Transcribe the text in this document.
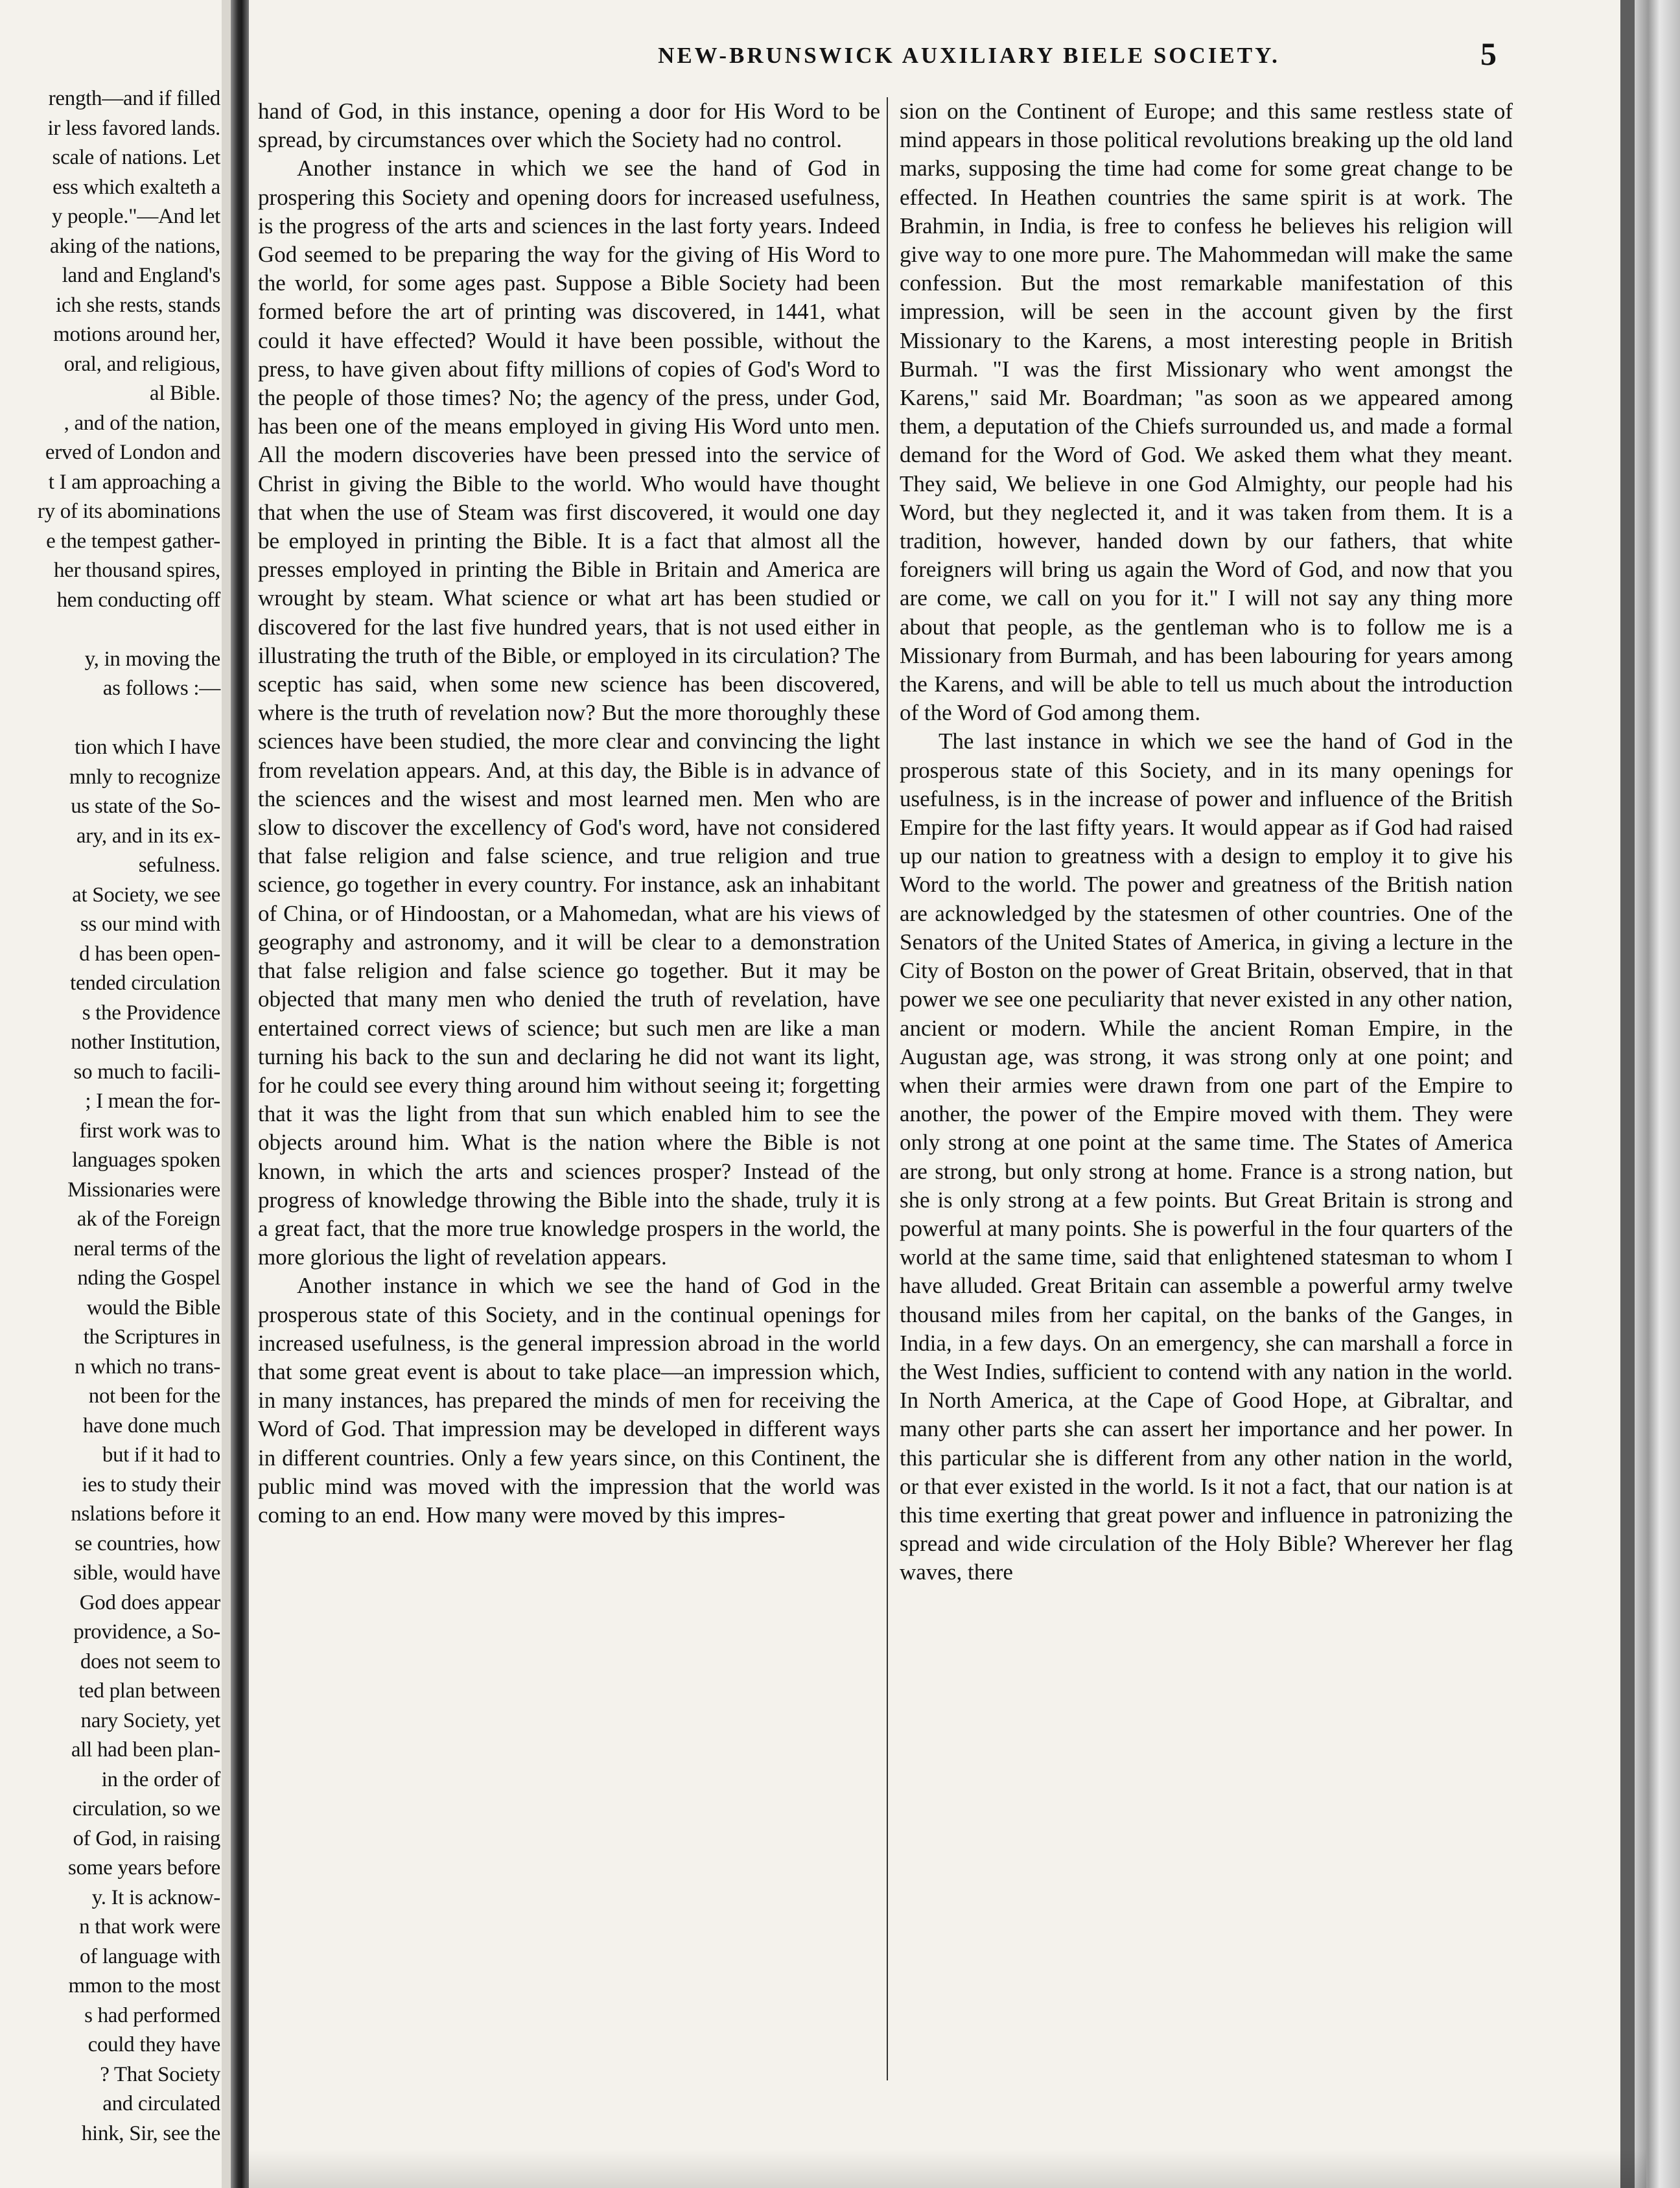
rength—and if filled
ir less favored lands.
scale of nations. Let
ess which exalteth a
y people."—And let
aking of the nations,
land and England's
ich she rests, stands
motions around her,
oral, and religious,
al Bible.
, and of the nation,
erved of London and
t I am approaching a
ry of its abominations
e the tempest gather-
her thousand spires,
hem conducting off

y, in moving the
as follows :—

tion which I have
mnly to recognize
us state of the So-
ary, and in its ex-
sefulness.
at Society, we see
ss our mind with
d has been open-
tended circulation
s the Providence
nother Institution,
so much to facili-
; I mean the for-
first work was to
languages spoken
Missionaries were
ak of the Foreign
neral terms of the
nding the Gospel
would the Bible
the Scriptures in
n which no trans-
not been for the
have done much
but if it had to
ies to study their
nslations before it
se countries, how
sible, would have
God does appear
providence, a So-
does not seem to
ted plan between
nary Society, yet
all had been plan-
in the order of
circulation, so we
of God, in raising
some years before
y. It is acknow-
n that work were
of language with
mmon to the most
s had performed
could they have
? That Society
and circulated
hink, Sir, see the
NEW-BRUNSWICK AUXILIARY BIELE SOCIETY.	5

hand of God, in this instance, opening a door for His Word to be spread, by circumstances over which the Society had no control.

Another instance in which we see the hand of God in prospering this Society and opening doors for increased usefulness, is the progress of the arts and sciences in the last forty years. Indeed God seemed to be preparing the way for the giving of His Word to the world, for some ages past. Suppose a Bible Society had been formed before the art of printing was discovered, in 1441, what could it have effected? Would it have been possible, without the press, to have given about fifty millions of copies of God's Word to the people of those times? No; the agency of the press, under God, has been one of the means employed in giving His Word unto men. All the modern discoveries have been pressed into the service of Christ in giving the Bible to the world. Who would have thought that when the use of Steam was first discovered, it would one day be employed in printing the Bible. It is a fact that almost all the presses employed in printing the Bible in Britain and America are wrought by steam. What science or what art has been studied or discovered for the last five hundred years, that is not used either in illustrating the truth of the Bible, or employed in its circulation? The sceptic has said, when some new science has been discovered, where is the truth of revelation now? But the more thoroughly these sciences have been studied, the more clear and convincing the light from revelation appears. And, at this day, the Bible is in advance of the sciences and the wisest and most learned men. Men who are slow to discover the excellency of God's word, have not considered that false religion and false science, and true religion and true science, go together in every country. For instance, ask an inhabitant of China, or of Hindoostan, or a Mahomedan, what are his views of geography and astronomy, and it will be clear to a demonstration that false religion and false science go together. But it may be objected that many men who denied the truth of revelation, have entertained correct views of science; but such men are like a man turning his back to the sun and declaring he did not want its light, for he could see every thing around him without seeing it; forgetting that it was the light from that sun which enabled him to see the objects around him. What is the nation where the Bible is not known, in which the arts and sciences prosper? Instead of the progress of knowledge throwing the Bible into the shade, truly it is a great fact, that the more true knowledge prospers in the world, the more glorious the light of revelation appears.

Another instance in which we see the hand of God in the prosperous state of this Society, and in the continual openings for increased usefulness, is the general impression abroad in the world that some great event is about to take place—an impression which, in many instances, has prepared the minds of men for receiving the Word of God. That impression may be developed in different ways in different countries. Only a few years since, on this Continent, the public mind was moved with the impression that the world was coming to an end. How many were moved by this impres-

sion on the Continent of Europe; and this same restless state of mind appears in those political revolutions breaking up the old land marks, supposing the time had come for some great change to be effected. In Heathen countries the same spirit is at work. The Brahmin, in India, is free to confess he believes his religion will give way to one more pure. The Mahommedan will make the same confession. But the most remarkable manifestation of this impression, will be seen in the account given by the first Missionary to the Karens, a most interesting people in British Burmah. "I was the first Missionary who went amongst the Karens," said Mr. Boardman; "as soon as we appeared among them, a deputation of the Chiefs surrounded us, and made a formal demand for the Word of God. We asked them what they meant. They said, We believe in one God Almighty, our people had his Word, but they neglected it, and it was taken from them. It is a tradition, however, handed down by our fathers, that white foreigners will bring us again the Word of God, and now that you are come, we call on you for it." I will not say any thing more about that people, as the gentleman who is to follow me is a Missionary from Burmah, and has been labouring for years among the Karens, and will be able to tell us much about the introduction of the Word of God among them.

The last instance in which we see the hand of God in the prosperous state of this Society, and in its many openings for usefulness, is in the increase of power and influence of the British Empire for the last fifty years. It would appear as if God had raised up our nation to greatness with a design to employ it to give his Word to the world. The power and greatness of the British nation are acknowledged by the statesmen of other countries. One of the Senators of the United States of America, in giving a lecture in the City of Boston on the power of Great Britain, observed, that in that power we see one peculiarity that never existed in any other nation, ancient or modern. While the ancient Roman Empire, in the Augustan age, was strong, it was strong only at one point; and when their armies were drawn from one part of the Empire to another, the power of the Empire moved with them. They were only strong at one point at the same time. The States of America are strong, but only strong at home. France is a strong nation, but she is only strong at a few points. But Great Britain is strong and powerful at many points. She is powerful in the four quarters of the world at the same time, said that enlightened statesman to whom I have alluded. Great Britain can assemble a powerful army twelve thousand miles from her capital, on the banks of the Ganges, in India, in a few days. On an emergency, she can marshall a force in the West Indies, sufficient to contend with any nation in the world. In North America, at the Cape of Good Hope, at Gibraltar, and many other parts she can assert her importance and her power. In this particular she is different from any other nation in the world, or that ever existed in the world. Is it not a fact, that our nation is at this time exerting that great power and influence in patronizing the spread and wide circulation of the Holy Bible? Wherever her flag waves, there
